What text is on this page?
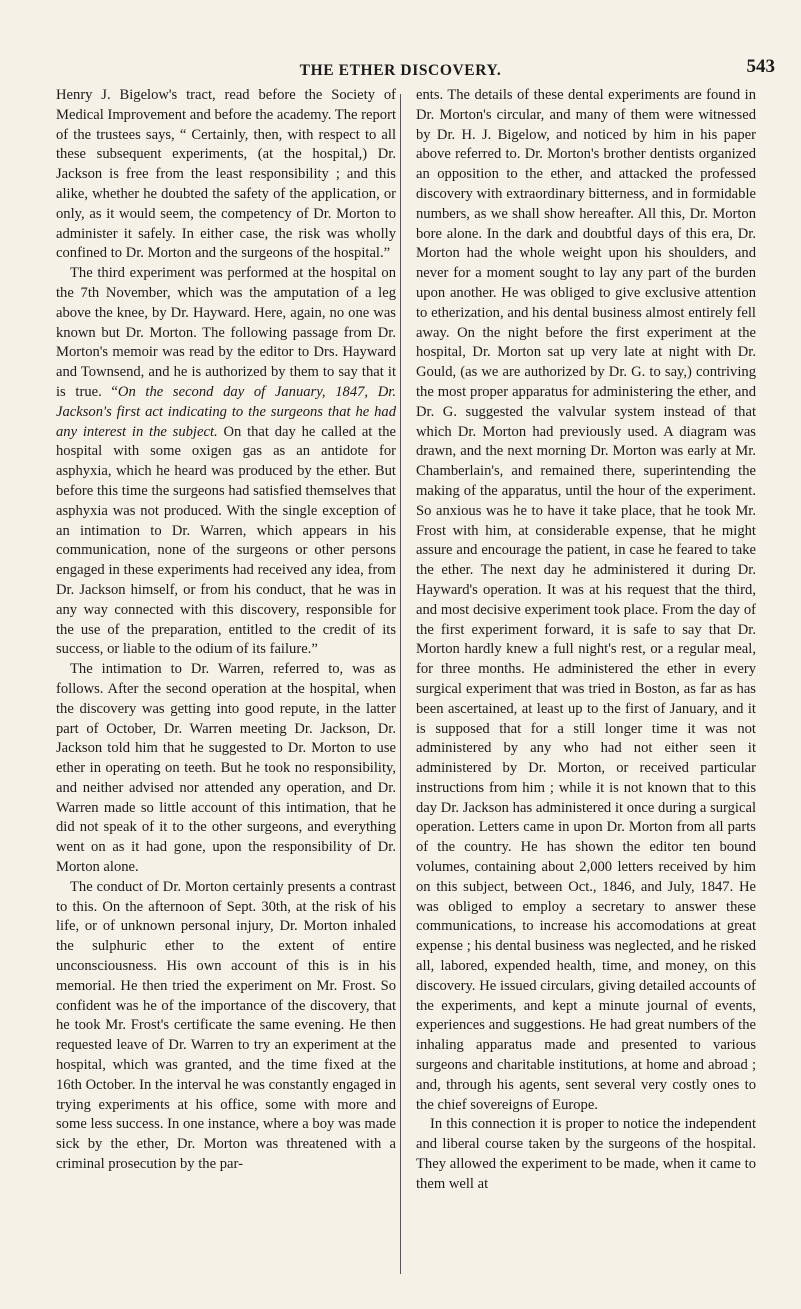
THE ETHER DISCOVERY.	543

Henry J. Bigelow's tract, read before the Society of Medical Improvement and before the academy. The report of the trustees says, “ Certainly, then, with respect to all these subsequent experiments, (at the hospital,) Dr. Jackson is free from the least responsibility ; and this alike, whether he doubted the safety of the application, or only, as it would seem, the competency of Dr. Morton to administer it safely. In either case, the risk was wholly confined to Dr. Morton and the surgeons of the hospital.”

The third experiment was performed at the hospital on the 7th November, which was the amputation of a leg above the knee, by Dr. Hayward. Here, again, no one was known but Dr. Morton. The following passage from Dr. Morton's memoir was read by the editor to Drs. Hayward and Townsend, and he is authorized by them to say that it is true. “On the second day of January, 1847, Dr. Jackson's first act indicating to the surgeons that he had any interest in the subject. On that day he called at the hospital with some oxigen gas as an antidote for asphyxia, which he heard was produced by the ether. But before this time the surgeons had satisfied themselves that asphyxia was not produced. With the single exception of an intimation to Dr. Warren, which appears in his communication, none of the surgeons or other persons engaged in these experiments had received any idea, from Dr. Jackson himself, or from his conduct, that he was in any way connected with this discovery, responsible for the use of the preparation, entitled to the credit of its success, or liable to the odium of its failure.”

The intimation to Dr. Warren, referred to, was as follows. After the second operation at the hospital, when the discovery was getting into good repute, in the latter part of October, Dr. Warren meeting Dr. Jackson, Dr. Jackson told him that he suggested to Dr. Morton to use ether in operating on teeth. But he took no responsibility, and neither advised nor attended any operation, and Dr. Warren made so little account of this intimation, that he did not speak of it to the other surgeons, and everything went on as it had gone, upon the responsibility of Dr. Morton alone.

The conduct of Dr. Morton certainly presents a contrast to this. On the afternoon of Sept. 30th, at the risk of his life, or of unknown personal injury, Dr. Morton inhaled the sulphuric ether to the extent of entire unconsciousness. His own account of this is in his memorial. He then tried the experiment on Mr. Frost. So confident was he of the importance of the discovery, that he took Mr. Frost's certificate the same evening. He then requested leave of Dr. Warren to try an experiment at the hospital, which was granted, and the time fixed at the 16th October. In the interval he was constantly engaged in trying experiments at his office, some with more and some less success. In one instance, where a boy was made sick by the ether, Dr. Morton was threatened with a criminal prosecution by the par-

ents. The details of these dental experiments are found in Dr. Morton's circular, and many of them were witnessed by Dr. H. J. Bigelow, and noticed by him in his paper above referred to. Dr. Morton's brother dentists organized an opposition to the ether, and attacked the professed discovery with extraordinary bitterness, and in formidable numbers, as we shall show hereafter. All this, Dr. Morton bore alone. In the dark and doubtful days of this era, Dr. Morton had the whole weight upon his shoulders, and never for a moment sought to lay any part of the burden upon another. He was obliged to give exclusive attention to etherization, and his dental business almost entirely fell away. On the night before the first experiment at the hospital, Dr. Morton sat up very late at night with Dr. Gould, (as we are authorized by Dr. G. to say,) contriving the most proper apparatus for administering the ether, and Dr. G. suggested the valvular system instead of that which Dr. Morton had previously used. A diagram was drawn, and the next morning Dr. Morton was early at Mr. Chamberlain's, and remained there, superintending the making of the apparatus, until the hour of the experiment. So anxious was he to have it take place, that he took Mr. Frost with him, at considerable expense, that he might assure and encourage the patient, in case he feared to take the ether. The next day he administered it during Dr. Hayward's operation. It was at his request that the third, and most decisive experiment took place. From the day of the first experiment forward, it is safe to say that Dr. Morton hardly knew a full night's rest, or a regular meal, for three months. He administered the ether in every surgical experiment that was tried in Boston, as far as has been ascertained, at least up to the first of January, and it is supposed that for a still longer time it was not administered by any who had not either seen it administered by Dr. Morton, or received particular instructions from him ; while it is not known that to this day Dr. Jackson has administered it once during a surgical operation. Letters came in upon Dr. Morton from all parts of the country. He has shown the editor ten bound volumes, containing about 2,000 letters received by him on this subject, between Oct., 1846, and July, 1847. He was obliged to employ a secretary to answer these communications, to increase his accomodations at great expense ; his dental business was neglected, and he risked all, labored, expended health, time, and money, on this discovery. He issued circulars, giving detailed accounts of the experiments, and kept a minute journal of events, experiences and suggestions. He had great numbers of the inhaling apparatus made and presented to various surgeons and charitable institutions, at home and abroad ; and, through his agents, sent several very costly ones to the chief sovereigns of Europe.

In this connection it is proper to notice the independent and liberal course taken by the surgeons of the hospital. They allowed the experiment to be made, when it came to them well at
